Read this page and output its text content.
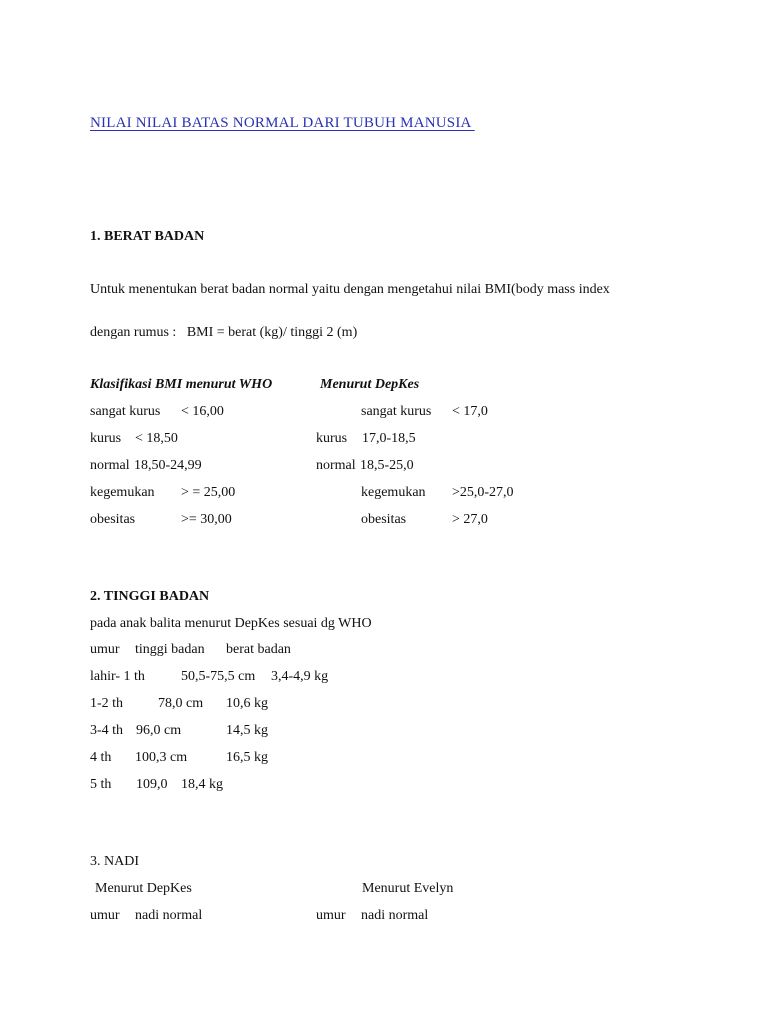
NILAI NILAI BATAS NORMAL DARI TUBUH MANUSIA
1. BERAT BADAN
Untuk menentukan berat badan normal yaitu dengan mengetahui nilai BMI(body mass index
dengan rumus :   BMI = berat (kg)/ tinggi 2 (m)
Klasifikasi BMI menurut WHO	Menurut DepKes
sangat kurus < 16,00	sangat kurus < 17,0
kurus < 18,50	kurus 17,0-18,5
normal 18,50-24,99	normal 18,5-25,0
kegemukan > = 25,00	kegemukan >25,0-27,0
obesitas	>= 30,00	obesitas	> 27,0
2. TINGGI BADAN
pada anak balita menurut DepKes sesuai dg WHO
umur tinggi badan berat badan
lahir- 1 th	50,5-75,5 cm 3,4-4,9 kg
1-2 th 78,0 cm 10,6 kg
3-4 th 96,0 cm	14,5 kg
4 th 100,3 cm	16,5 kg
5 th 109,0 18,4 kg
3. NADI
Menurut DepKes	Menurut Evelyn
umur nadi normal	umur nadi normal
